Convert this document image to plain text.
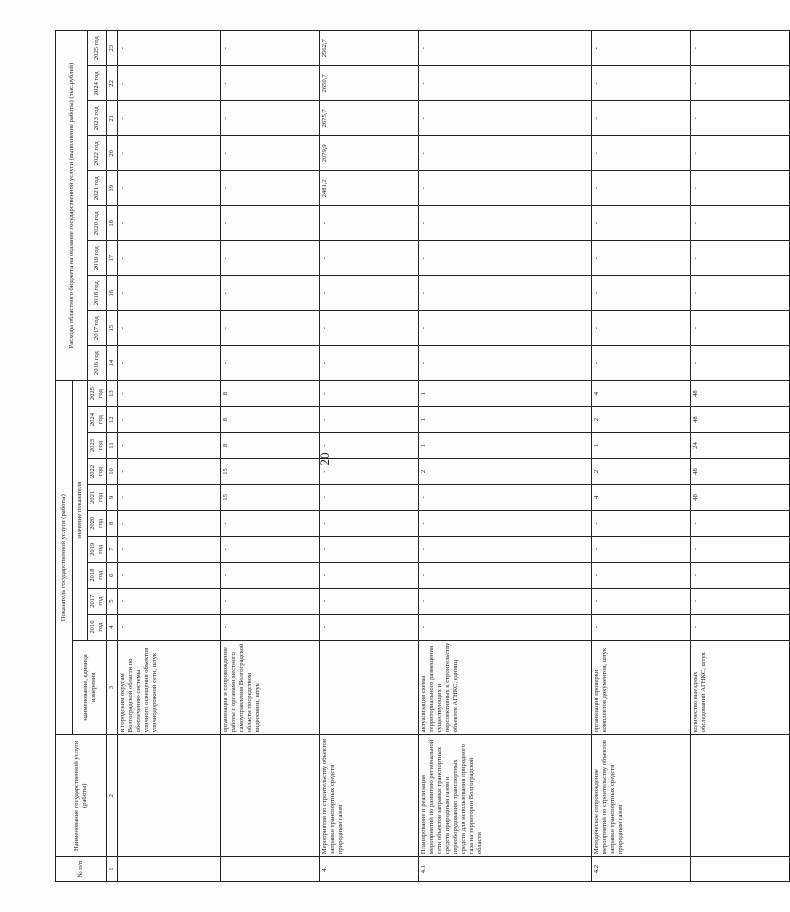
20
№ п/п	Наименование государственной услуги (работы)	Показатель государственной услуги (работы)											Расходы областного бюджета на оказание государственной услуги (выполнение работы) (тыс.рублей)									
		наименование, единица измерения	значение показателя																			
			2016 год	2017 год	2018 год	2019 год	2020 год	2021 год	2022 год	2023 год	2024 год	2025 год	2016 год	2017 год	2018 год	2019 год	2020 год	2021 год	2022 год	2023 год	2024 год	2025 год
1	2	3	4	5	6	7	8	9	10	11	12	13	14	15	16	17	18	19	20	21	22	23
		и городским округам Волгоградской области по обеспечению системы уличного освещения объектов уличнодорожной сети, штук	-	-	-	-	-	-	-	-	-	-	-	-	-	-	-	-	-	-	-	-
		организация и сопровождение работы с органами местного самоуправления Волгоградской области посредством видеосвязи, штук	-	-	-	-	-	15	15	8	8	8	-	-	-	-	-	-	-	-	-	-
4.	Мероприятия по строительству объектов заправки транспортных средств природным газом		-	-	-	-	-	-	-	-	-	-	-	-	-	-	-	2481,2	2079,9	2675,7	2650,7	2562,7
4.1	Планирование и реализация мероприятий по развитию региональной сети объектов заправки транспортных средств природным газом и переоборудованию транспортных средств для использования природного газа на территории Волгоградской области	актуализация схемы территориального размещения существующих и перспективных к строительству объектов АГНКС, единиц	-	-	-	-	-	-	2	1	1	1	-	-	-	-	-	-	-	-	-	-
4.2	Методическое сопровождение мероприятий по строительству объектов заправки транспортных средств природным газом	организация проверки комплектов документов, штук	-	-	-	-	-	4	2	1	2	4	-	-	-	-	-	-	-	-	-	-
		количество выездных обследований АГНКС, штук	-	-	-	-	-	48	48	24	48	48	-	-	-	-	-	-	-	-	-	-
